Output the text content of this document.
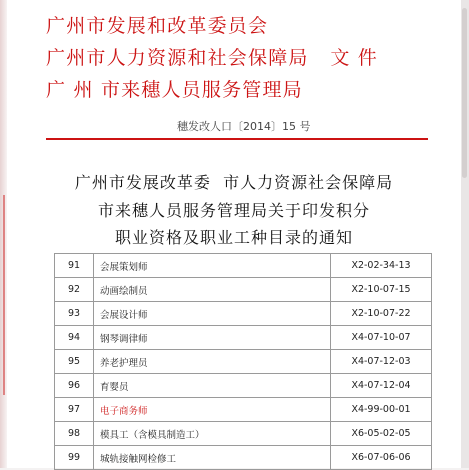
广州市发展和改革委员会
广州市人力资源和社会保障局   文 件
广 州 市来穗人员服务管理局
穗发改人口〔2014〕15 号
广州市发展改革委  市人力资源社会保障局
市来穗人员服务管理局关于印发积分
职业资格及职业工种目录的通知
91	会展策划师	X2-02-34-13
92	动画绘制员	X2-10-07-15
93	会展设计师	X2-10-07-22
94	钢琴调律师	X4-07-10-07
95	养老护理员	X4-07-12-03
96	育婴员	X4-07-12-04
97	电子商务师	X4-99-00-01
98	模具工（含模具制造工）	X6-05-02-05
99	城轨接触网检修工	X6-07-06-06
